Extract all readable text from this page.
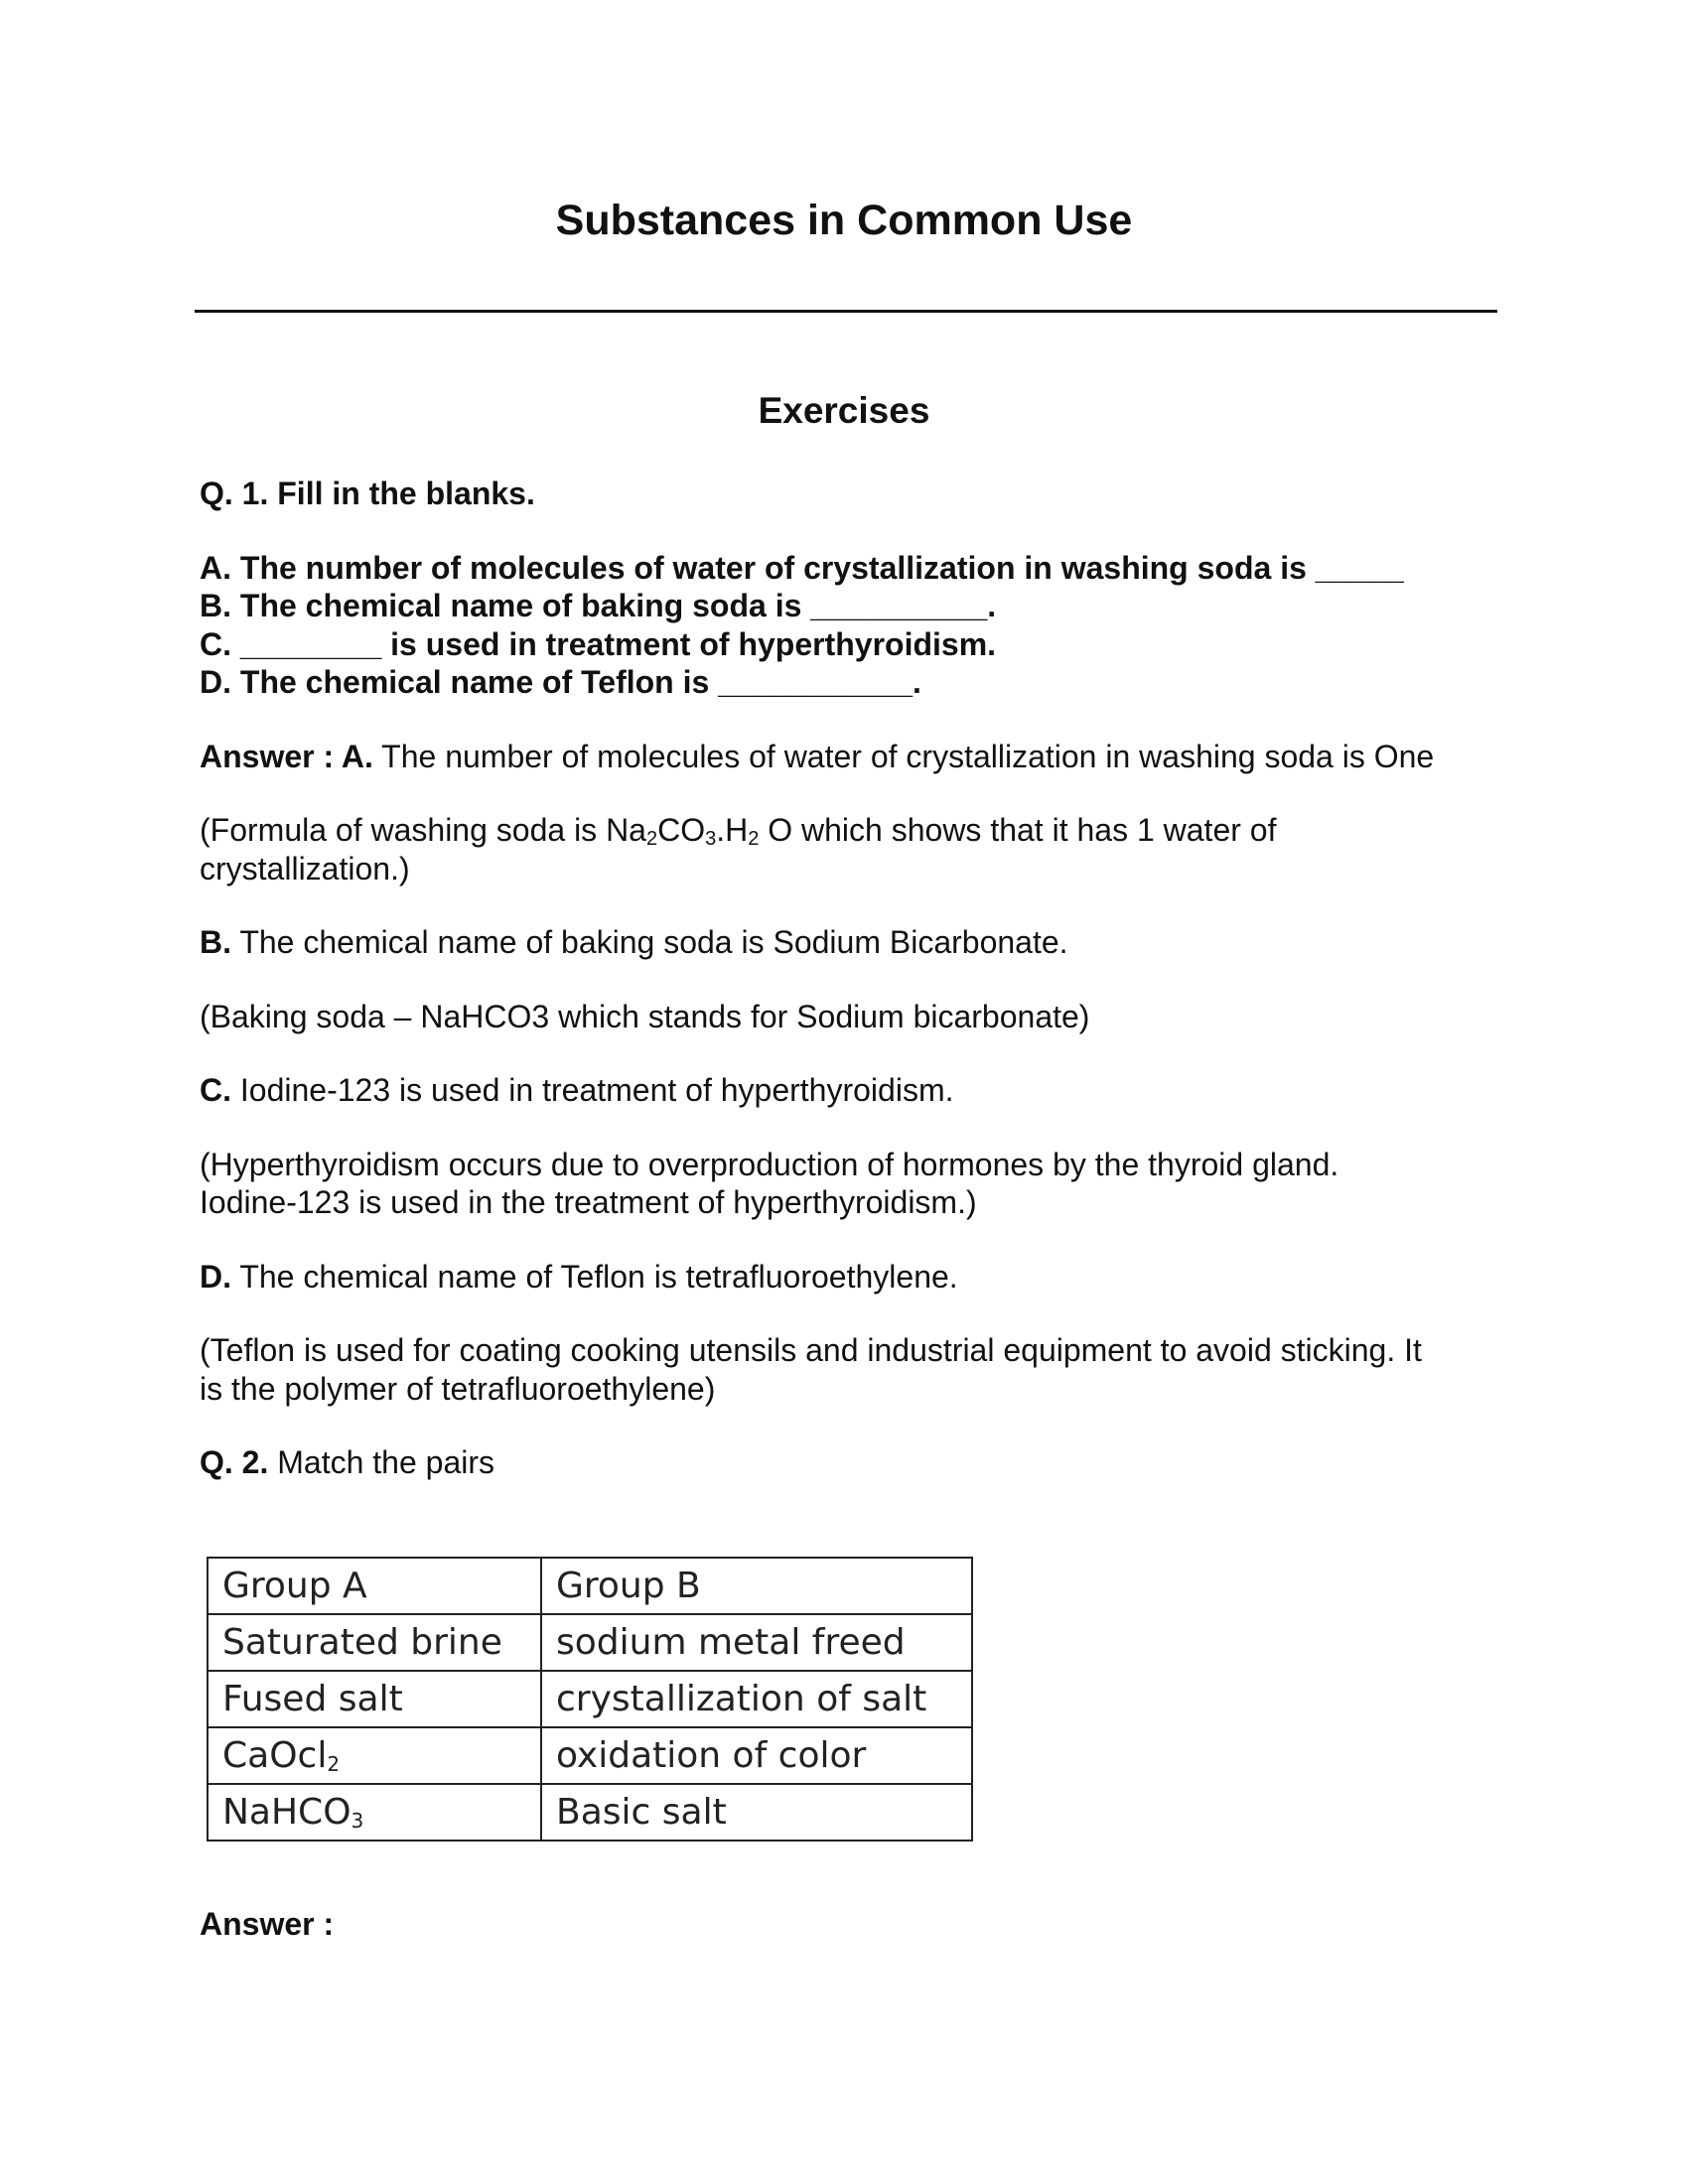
Substances in Common Use
Exercises

Q. 1. Fill in the blanks.

A. The number of molecules of water of crystallization in washing soda is _____

B. The chemical name of baking soda is __________.

C. ________ is used in treatment of hyperthyroidism.

D. The chemical name of Teflon is ___________.

Answer : A. The number of molecules of water of crystallization in washing soda is One

(Formula of washing soda is $Na_2CO_3.H_2$ O which shows that it has 1 water of
crystallization.)

B. The chemical name of baking soda is Sodium Bicarbonate.

(Baking soda – NaHCO3 which stands for Sodium bicarbonate)

C. Iodine-123 is used in treatment of hyperthyroidism.

(Hyperthyroidism occurs due to overproduction of hormones by the thyroid gland.
Iodine-123 is used in the treatment of hyperthyroidism.)

D. The chemical name of Teflon is tetrafluoroethylene.

(Teflon is used for coating cooking utensils and industrial equipment to avoid sticking. It
is the polymer of tetrafluoroethylene)

Q. 2. Match the pairs

Group A	Group B
Saturated brine	sodium metal freed
Fused salt	crystallization of salt
CaOcl$_2$	oxidation of color
NaHCO$_3$	Basic salt
Answer :
